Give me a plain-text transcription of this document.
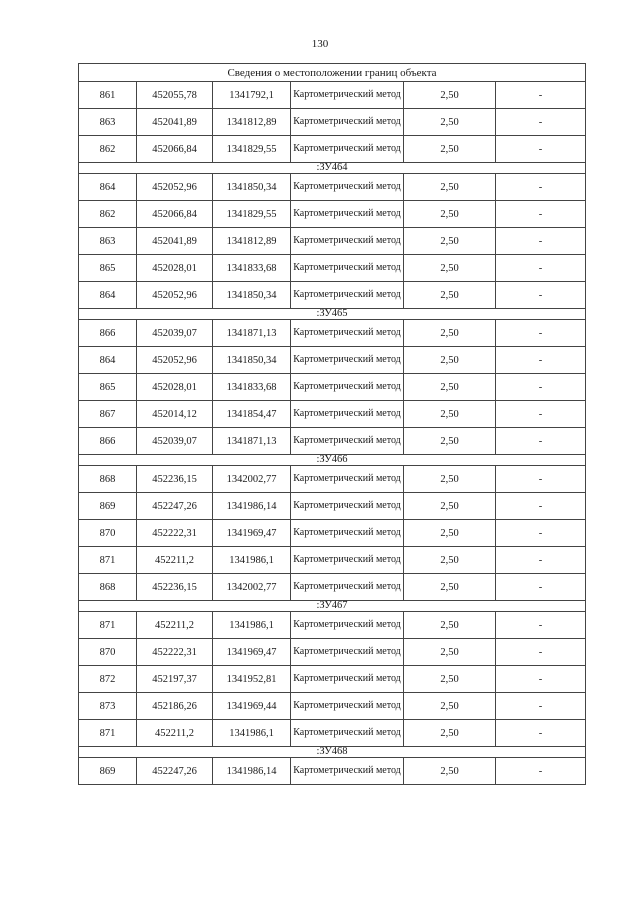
130
Сведения о местоположении границ объекта					
861	452055,78	1341792,1	Картометрический метод	2,50	-
863	452041,89	1341812,89	Картометрический метод	2,50	-
862	452066,84	1341829,55	Картометрический метод	2,50	-
:ЗУ464					
864	452052,96	1341850,34	Картометрический метод	2,50	-
862	452066,84	1341829,55	Картометрический метод	2,50	-
863	452041,89	1341812,89	Картометрический метод	2,50	-
865	452028,01	1341833,68	Картометрический метод	2,50	-
864	452052,96	1341850,34	Картометрический метод	2,50	-
:ЗУ465					
866	452039,07	1341871,13	Картометрический метод	2,50	-
864	452052,96	1341850,34	Картометрический метод	2,50	-
865	452028,01	1341833,68	Картометрический метод	2,50	-
867	452014,12	1341854,47	Картометрический метод	2,50	-
866	452039,07	1341871,13	Картометрический метод	2,50	-
:ЗУ466					
868	452236,15	1342002,77	Картометрический метод	2,50	-
869	452247,26	1341986,14	Картометрический метод	2,50	-
870	452222,31	1341969,47	Картометрический метод	2,50	-
871	452211,2	1341986,1	Картометрический метод	2,50	-
868	452236,15	1342002,77	Картометрический метод	2,50	-
:ЗУ467					
871	452211,2	1341986,1	Картометрический метод	2,50	-
870	452222,31	1341969,47	Картометрический метод	2,50	-
872	452197,37	1341952,81	Картометрический метод	2,50	-
873	452186,26	1341969,44	Картометрический метод	2,50	-
871	452211,2	1341986,1	Картометрический метод	2,50	-
:ЗУ468					
869	452247,26	1341986,14	Картометрический метод	2,50	-
